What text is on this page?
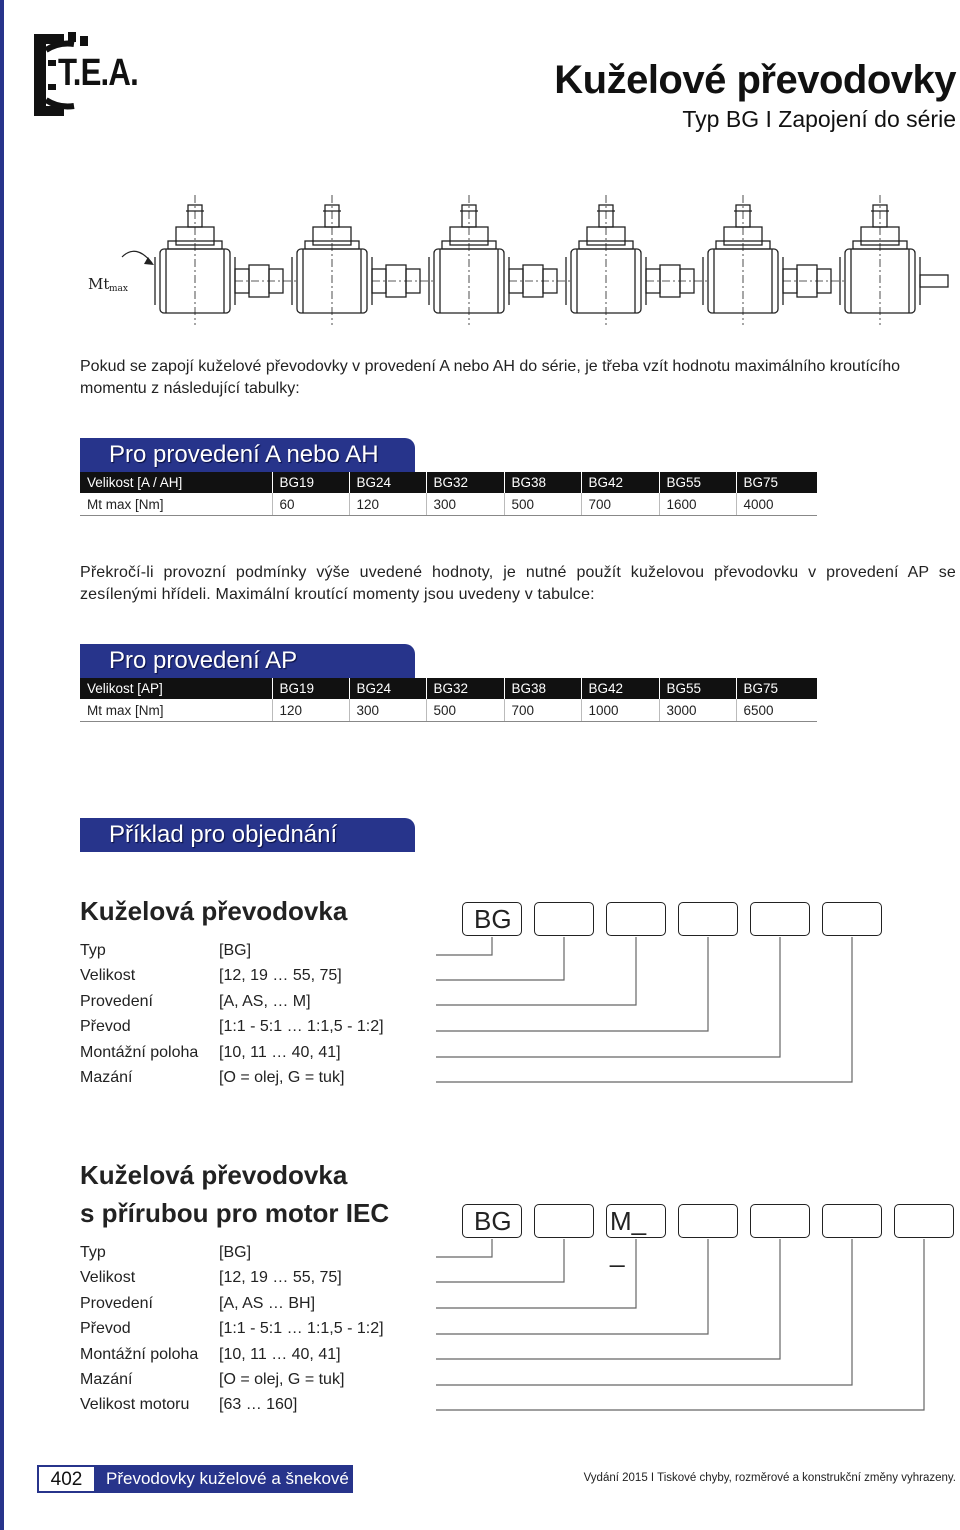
T.E.A.	Kuželové převodovky
Typ BG I Zapojení do série
Mt max
Pokud se zapojí kuželové převodovky v provedení A nebo AH do série, je třeba vzít hodnotu maximálního kroutícího momentu z následující tabulky:
Pro provedení A nebo AH
Velikost [A / AH]	BG19	BG24	BG32	BG38	BG42	BG55	BG75
Mt max [Nm]	60	120	300	500	700	1600	4000
Překročí-li provozní podmínky výše uvedené hodnoty, je nutné použít kuželovou převodovku v provedení AP se zesílenými hřídeli. Maximální kroutící momenty jsou uvedeny v tabulce:
Pro provedení AP
Velikost [AP]	BG19	BG24	BG32	BG38	BG42	BG55	BG75
Mt max [Nm]	120	300	500	700	1000	3000	6500
Příklad pro objednání
Kuželová převodovka
Typ	[BG]
Velikost	[12, 19 … 55, 75]
Provedení	[A, AS, … M]
Převod	[1:1 - 5:1 … 1:1,5 - 1:2]
Montážní poloha [10, 11 … 40, 41]
Mazání	[O = olej, G = tuk]
BG
Kuželová převodovka
s přírubou pro motor IEC
Typ	[BG]
Velikost	[12, 19 … 55, 75]
Provedení	[A, AS … BH]
Převod	[1:1 - 5:1 … 1:1,5 - 1:2]
Montážní poloha [10, 11 … 40, 41]
Mazání	[O = olej, G = tuk]
Velikost motoru [63 … 160]
BG	M_ _
402	Převodovky kuželové a šnekové	Vydání 2015 I Tiskové chyby, rozměrové a konstrukční změny vyhrazeny.
